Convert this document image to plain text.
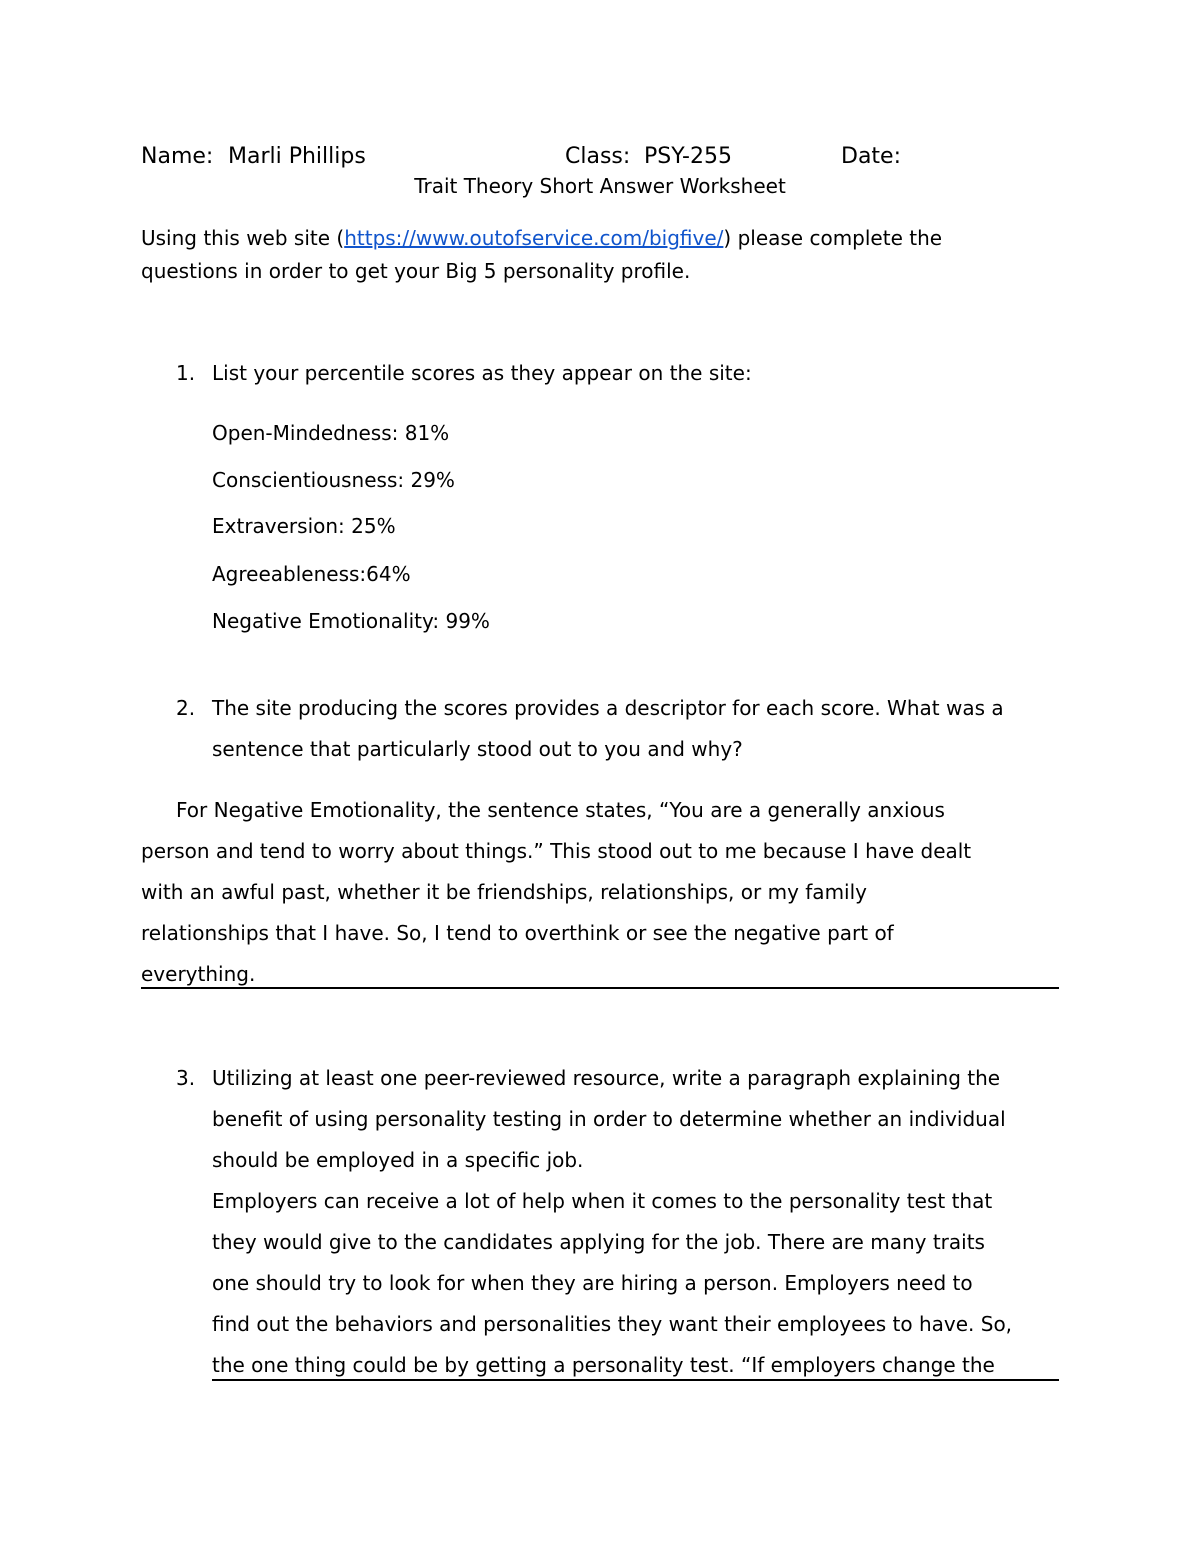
Name: Marli Phillips	Class: PSY-255	Date:
Trait Theory Short Answer Worksheet
Using this web site (https://www.outofservice.com/bigfive/) please complete the
questions in order to get your Big 5 personality profile.
1. List your percentile scores as they appear on the site:
Open-Mindedness: 81%
Conscientiousness: 29%
Extraversion: 25%
Agreeableness:64%
Negative Emotionality: 99%
2. The site producing the scores provides a descriptor for each score. What was a
sentence that particularly stood out to you and why?
For Negative Emotionality, the sentence states, “You are a generally anxious
person and tend to worry about things.” This stood out to me because I have dealt
with an awful past, whether it be friendships, relationships, or my family
relationships that I have. So, I tend to overthink or see the negative part of
everything.
3. Utilizing at least one peer-reviewed resource, write a paragraph explaining the
benefit of using personality testing in order to determine whether an individual
should be employed in a specific job.
Employers can receive a lot of help when it comes to the personality test that
they would give to the candidates applying for the job. There are many traits
one should try to look for when they are hiring a person. Employers need to
find out the behaviors and personalities they want their employees to have. So,
the one thing could be by getting a personality test. “If employers change the
